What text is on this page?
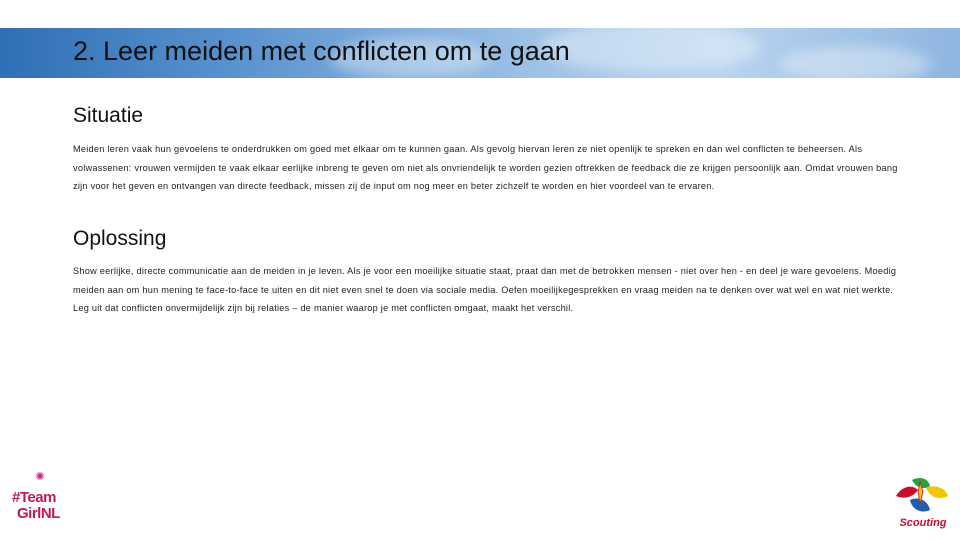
2. Leer meiden met conflicten om te gaan
Situatie

Meiden leren vaak hun gevoelens te onderdrukken om goed met elkaar om te kunnen gaan. Als gevolg hiervan leren ze niet openlijk te spreken en dan wel conflicten te beheersen. Als volwassenen: vrouwen vermijden te vaak elkaar eerlijke inbreng te geven om niet als onvriendelijk te worden gezien oftrekken de feedback die ze krijgen persoonlijk aan. Omdat vrouwen bang zijn voor het geven en ontvangen van directe feedback, missen zij de input om nog meer en beter zichzelf te worden en hier voordeel van te ervaren.

Oplossing

Show eerlijke, directe communicatie aan de meiden in je leven. Als je voor een moeilijke situatie staat, praat dan met de betrokken mensen - niet over hen - en deel je ware gevoelens. Moedig meiden aan om hun mening te face-to-face te uiten en dit niet even snel te doen via sociale media. Oefen moeilijkegesprekken en vraag meiden na te denken over wat wel en wat niet werkte. Leg uit dat conflicten onvermijdelijk zijn bij relaties – de manier waarop je met conflicten omgaat, maakt het verschil.

✺
#Team
GirlNL
Scouting
